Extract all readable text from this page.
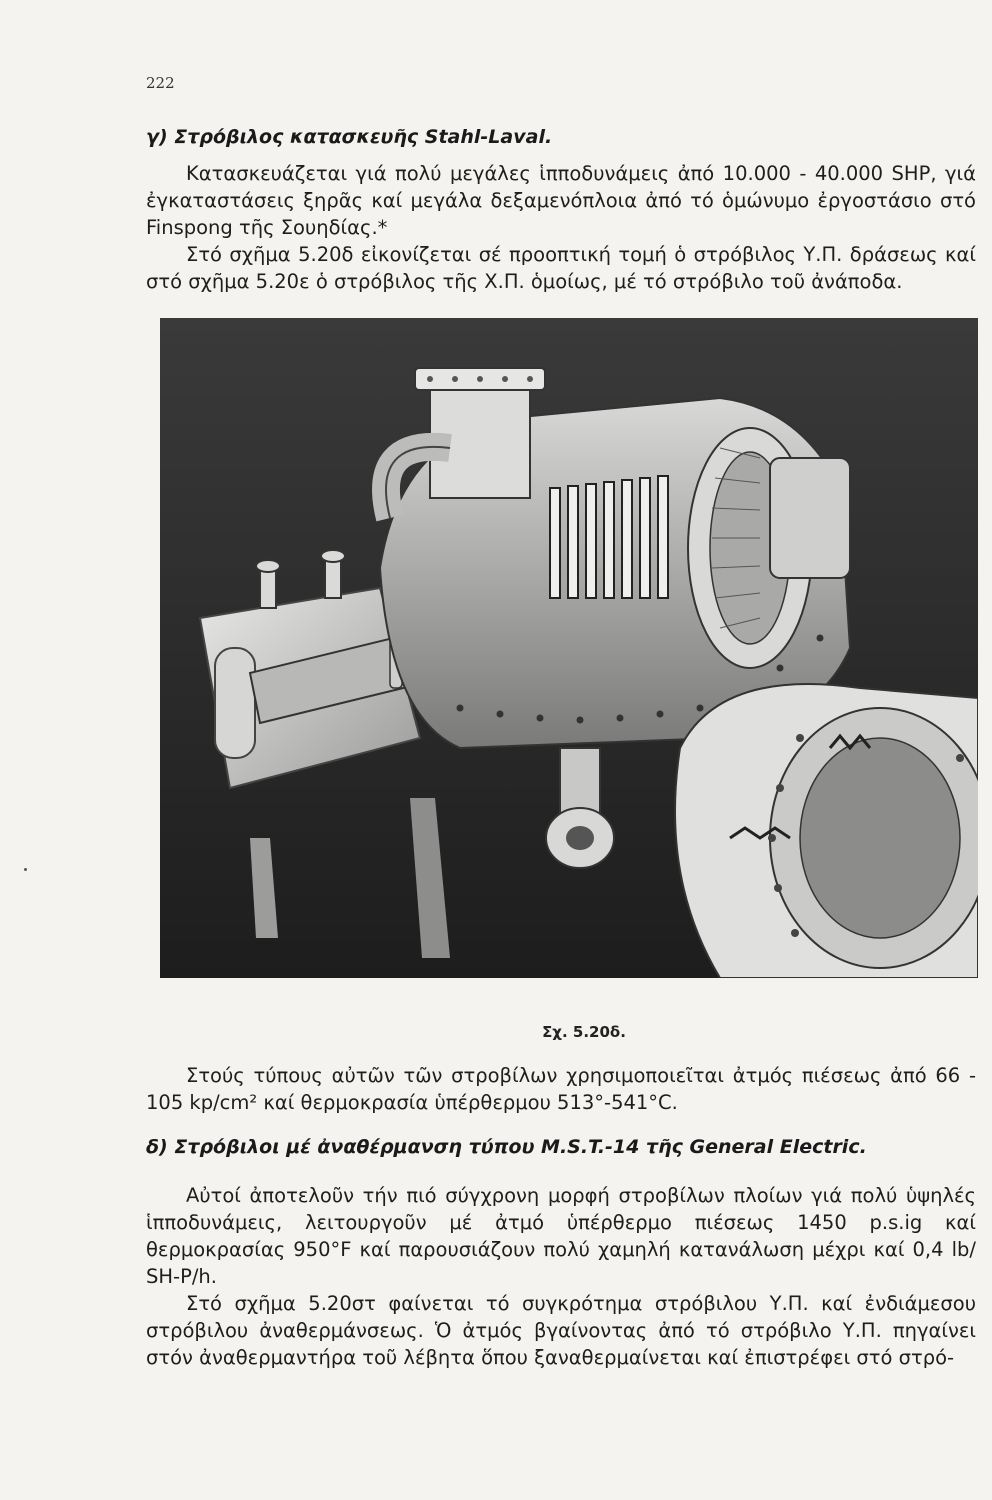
222
γ) Στρόβιλος κατασκευῆς Stahl-Laval.

Κατασκευάζεται γιά πολύ μεγάλες ἱπποδυνάμεις ἀπό 10.000 - 40.000 SHP, γιά ἐγκαταστάσεις ξηρᾶς καί μεγάλα δεξαμενόπλοια ἀπό τό ὁμώνυμο ἐργοστάσιο στό Finspong τῆς Σουηδίας.*

Στό σχῆμα 5.20δ εἰκονίζεται σέ προοπτική τομή ὁ στρόβιλος Υ.Π. δράσεως καί στό σχῆμα 5.20ε ὁ στρόβιλος τῆς Χ.Π. ὁμοίως, μέ τό στρόβιλο τοῦ ἀνάποδα.

Σχ. 5.20δ.

Στούς τύπους αὐτῶν τῶν στροβίλων χρησιμοποιεῖται ἀτμός πιέσεως ἀπό 66 - 105 kp/cm² καί θερμοκρασία ὑπέρθερμου 513°-541°C.

δ) Στρόβιλοι μέ ἀναθέρμανση τύπου M.S.T.-14 τῆς General Electric.

Αὐτοί ἀποτελοῦν τήν πιό σύγχρονη μορφή στροβίλων πλοίων γιά πολύ ὑψηλές ἱπποδυνάμεις, λειτουργοῦν μέ ἀτμό ὑπέρθερμο πιέσεως 1450 p.s.ig καί θερμοκρασίας 950°F καί παρουσιάζουν πολύ χαμηλή κατανάλωση μέχρι καί 0,4 lb/ SH-P/h.

Στό σχῆμα 5.20στ φαίνεται τό συγκρότημα στρόβιλου Υ.Π. καί ἐνδιάμεσου στρόβιλου ἀναθερμάνσεως. Ὁ ἀτμός βγαίνοντας ἀπό τό στρόβιλο Υ.Π. πηγαίνει στόν ἀναθερμαντήρα τοῦ λέβητα ὅπου ξαναθερμαίνεται καί ἐπιστρέφει στό στρό-
